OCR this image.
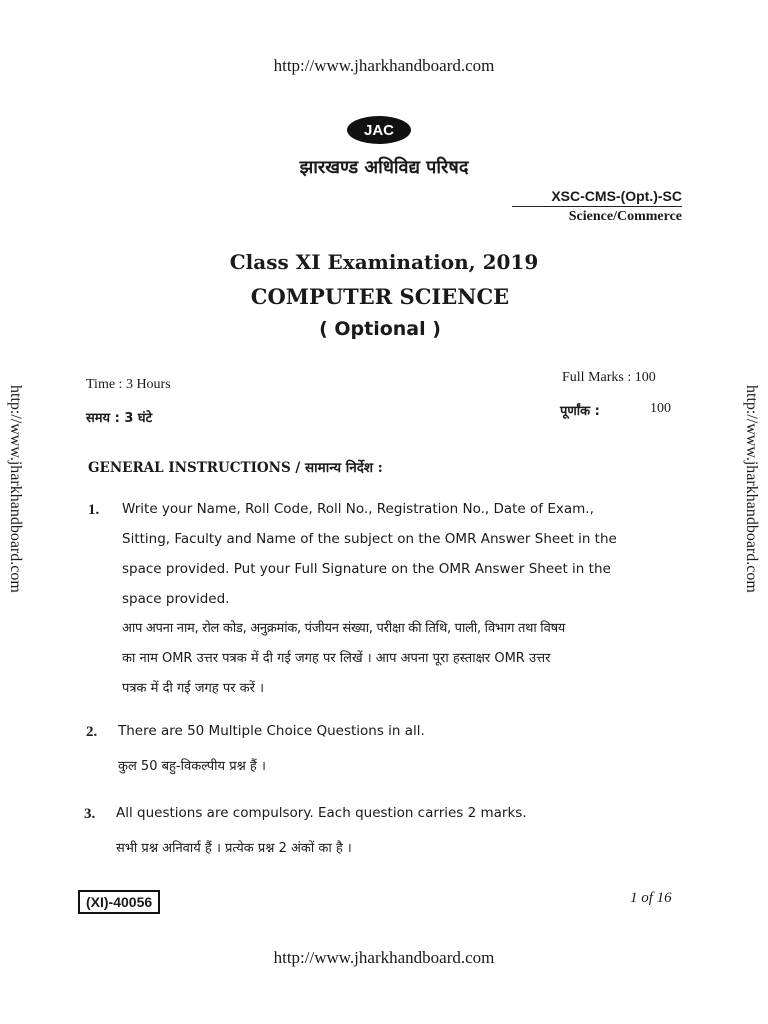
http://www.jharkhandboard.com
http://www.jharkhandboard.com	http://www.jharkhandboard.com
JAC
झारखण्ड अधिविद्य परिषद
XSC-CMS-(Opt.)-SC
Science/Commerce
Class XI Examination, 2019
COMPUTER SCIENCE
( Optional )
Time : 3 Hours
समय : 3 घंटे
Full Marks : 100
पूर्णांक :	100
GENERAL INSTRUCTIONS / सामान्य निर्देश :
1. Write your Name, Roll Code, Roll No., Registration No., Date of Exam.,
Sitting, Faculty and Name of the subject on the OMR Answer Sheet in the
space provided. Put your Full Signature on the OMR Answer Sheet in the
space provided.
आप अपना नाम, रोल कोड, अनुक्रमांक, पंजीयन संख्या, परीक्षा की तिथि, पाली, विभाग तथा विषय
का नाम OMR उत्तर पत्रक में दी गई जगह पर लिखें । आप अपना पूरा हस्ताक्षर OMR उत्तर
पत्रक में दी गई जगह पर करें ।
2. There are 50 Multiple Choice Questions in all.
कुल 50 बहु-विकल्पीय प्रश्न हैं ।
3. All questions are compulsory. Each question carries 2 marks.
सभी प्रश्न अनिवार्य हैं । प्रत्येक प्रश्न 2 अंकों का है ।
(XI)-40056	1 of 16
http://www.jharkhandboard.com
